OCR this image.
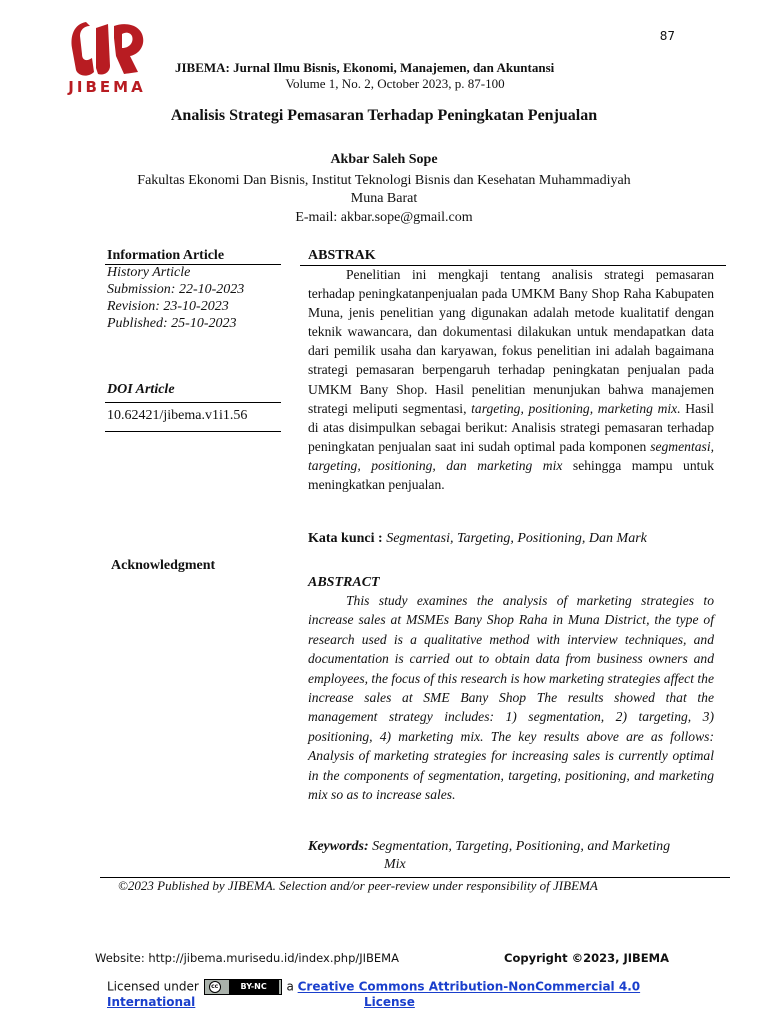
87
JIBEMA
JIBEMA: Jurnal Ilmu Bisnis, Ekonomi, Manajemen, dan Akuntansi
Volume 1, No. 2, October 2023, p. 87-100
Analisis Strategi Pemasaran Terhadap Peningkatan Penjualan
Akbar Saleh Sope
Fakultas Ekonomi Dan Bisnis, Institut Teknologi Bisnis dan Kesehatan Muhammadiyah
Muna Barat
E-mail: akbar.sope@gmail.com
Information Article
History Article
Submission: 22-10-2023
Revision: 23-10-2023
Published: 25-10-2023
DOI Article
10.62421/jibema.v1i1.56
Acknowledgment
ABSTRAK

Penelitian ini mengkaji tentang analisis strategi pemasaran terhadap peningkatanpenjualan pada UMKM Bany Shop Raha Kabupaten Muna, jenis penelitian yang digunakan adalah metode kualitatif dengan teknik wawancara, dan dokumentasi dilakukan untuk mendapatkan data dari pemilik usaha dan karyawan, fokus penelitian ini adalah bagaimana strategi pemasaran berpengaruh terhadap peningkatan penjualan pada UMKM Bany Shop. Hasil penelitian menunjukan bahwa manajemen strategi meliputi segmentasi, targeting, positioning, marketing mix. Hasil di atas disimpulkan sebagai berikut: Analisis strategi pemasaran terhadap peningkatan penjualan saat ini sudah optimal pada komponen segmentasi, targeting, positioning, dan marketing mix sehingga mampu untuk meningkatkan penjualan.

Kata kunci : Segmentasi, Targeting, Positioning, Dan Mark
ABSTRACT

This study examines the analysis of marketing strategies to increase sales at MSMEs Bany Shop Raha in Muna District, the type of research used is a qualitative method with interview techniques, and documentation is carried out to obtain data from business owners and employees, the focus of this research is how marketing strategies affect the increase sales at SME Bany Shop The results showed that the management strategy includes: 1) segmentation, 2) targeting, 3) positioning, 4) marketing mix. The key results above are as follows: Analysis of marketing strategies for increasing sales is currently optimal in the components of segmentation, targeting, positioning, and marketing mix so as to increase sales.

Keywords: Segmentation, Targeting, Positioning, and Marketing
Mix
©2023 Published by JIBEMA. Selection and/or peer-review under responsibility of JIBEMA
Website: http://jibema.murisedu.id/index.php/JIBEMA	Copyright ©2023, JIBEMA
Licensed under	cc	BY-NC	a Creative Commons Attribution-NonCommercial 4.0 International	License
